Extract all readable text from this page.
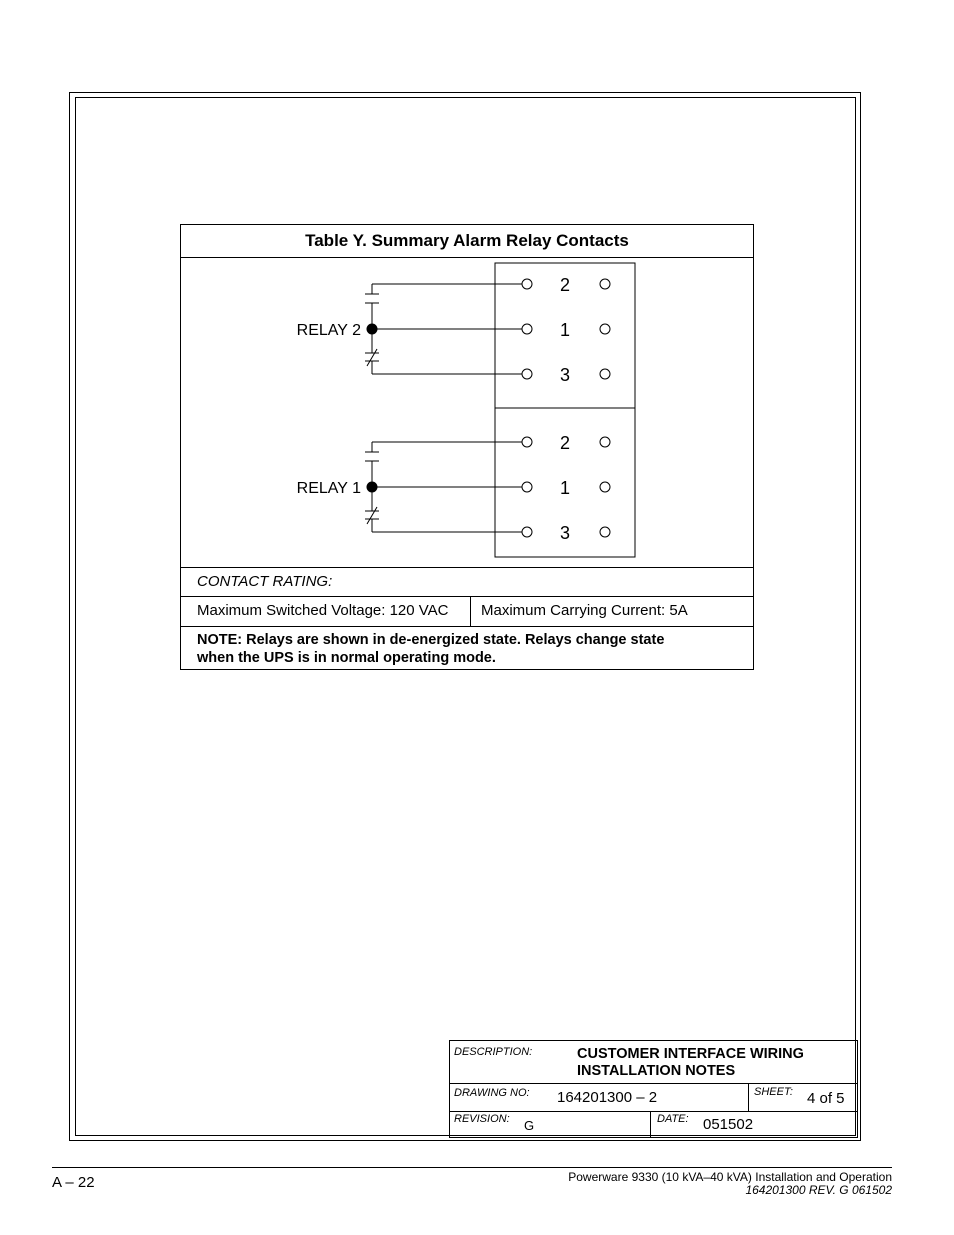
Table Y. Summary Alarm Relay Contacts
RELAY 2
RELAY 1
2
1
3
2
1
3
CONTACT RATING:
Maximum Switched Voltage: 120 VAC	Maximum Carrying Current: 5A
NOTE: Relays are shown in de-energized state. Relays change state
when the UPS is in normal operating mode.
DESCRIPTION:	CUSTOMER INTERFACE WIRING
INSTALLATION NOTES
DRAWING NO: 164201300 – 2	SHEET: 4 of 5
REVISION: G	DATE: 051502
A – 22	Powerware 9330 (10 kVA–40 kVA) Installation and Operation
164201300 REV. G 061502
